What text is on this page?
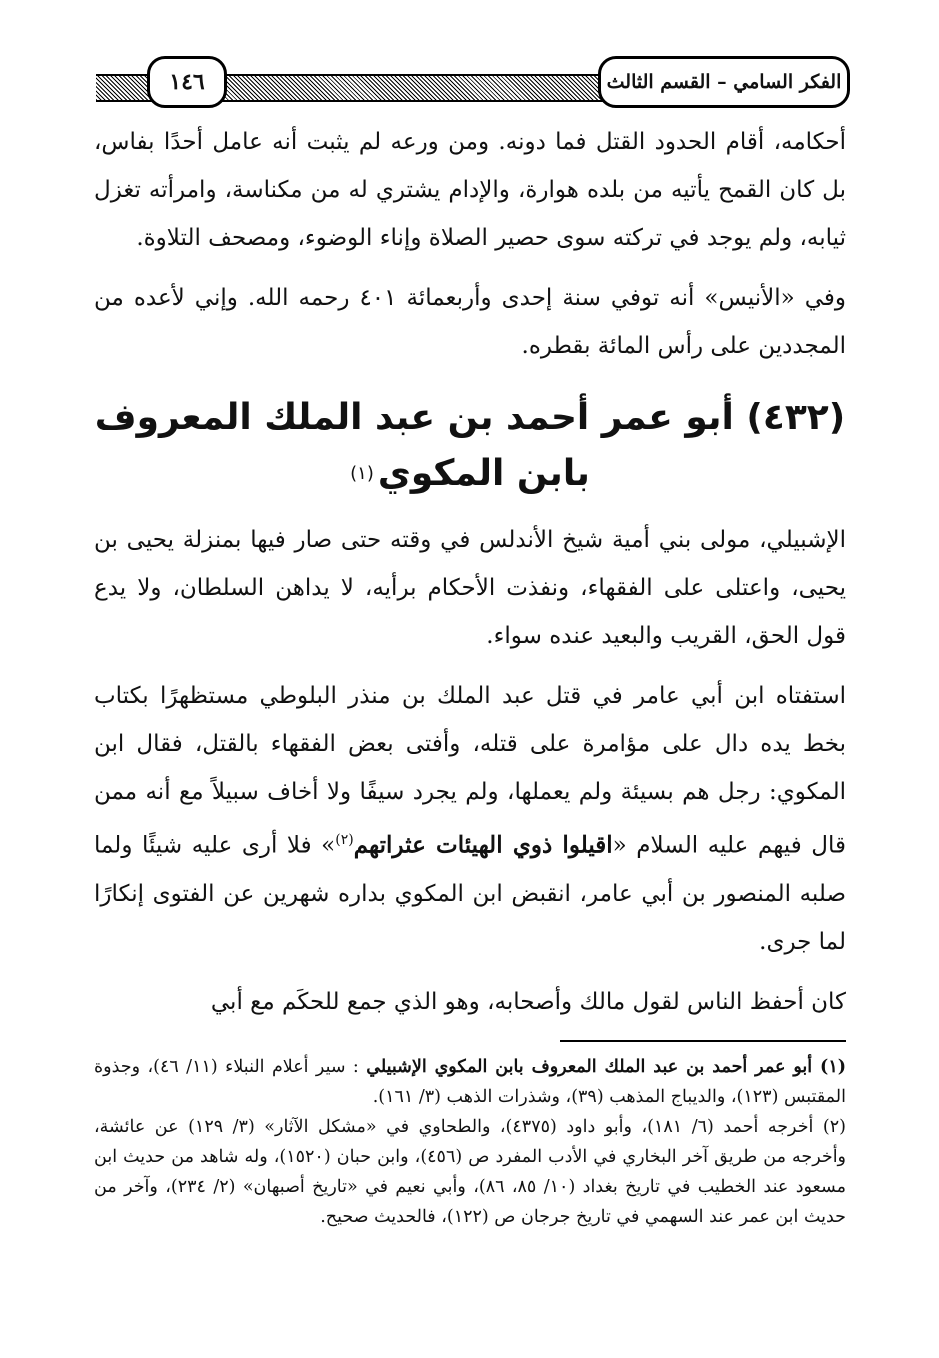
الفكر السامي – القسم الثالث
١٤٦

أحكامه، أقام الحدود القتل فما دونه. ومن ورعه لم يثبت أنه عامل أحدًا بفاس، بل كان القمح يأتيه من بلده هوارة، والإدام يشتري له من مكناسة، وامرأته تغزل ثيابه، ولم يوجد في تركته سوى حصير الصلاة وإناء الوضوء، ومصحف التلاوة.

وفي «الأنيس» أنه توفي سنة إحدى وأربعمائة ٤٠١ رحمه الله. وإني لأعده من المجددين على رأس المائة بقطره.

(٤٣٢) أبو عمر أحمد بن عبد الملك المعروف بابن المكوي$^{(١)}$

الإشبيلي، مولى بني أمية شيخ الأندلس في وقته حتى صار فيها بمنزلة يحيى بن يحيى، واعتلى على الفقهاء، ونفذت الأحكام برأيه، لا يداهن السلطان، ولا يدع قول الحق، القريب والبعيد عنده سواء.

استفتاه ابن أبي عامر في قتل عبد الملك بن منذر البلوطي مستظهرًا بكتاب بخط يده دال على مؤامرة على قتله، وأفتى بعض الفقهاء بالقتل، فقال ابن المكوي: رجل هم بسيئة ولم يعملها، ولم يجرد سيفًا ولا أخاف سبيلاً مع أنه ممن قال فيهم عليه السلام «اقيلوا ذوي الهيئات عثراتهم$^{(٢)}$» فلا أرى عليه شيئًا ولما صلبه المنصور بن أبي عامر، انقبض ابن المكوي بداره شهرين عن الفتوى إنكارًا لما جرى.

كان أحفظ الناس لقول مالك وأصحابه، وهو الذي جمع للحكَم مع أبي

(١) أبو عمر أحمد بن عبد الملك المعروف بابن المكوي الإشبيلي : سير أعلام النبلاء (١١/ ٤٦)، وجذوة المقتبس (١٢٣)، والديباج المذهب (٣٩)، وشذرات الذهب (٣/ ١٦١).

(٢) أخرجه أحمد (٦/ ١٨١)، وأبو داود (٤٣٧٥)، والطحاوي في «مشكل الآثار» (٣/ ١٢٩) عن عائشة، وأخرجه من طريق آخر البخاري في الأدب المفرد ص (٤٥٦)، وابن حبان (١٥٢٠)، وله شاهد من حديث ابن مسعود عند الخطيب في تاريخ بغداد (١٠/ ٨٥، ٨٦)، وأبي نعيم في «تاريخ أصبهان» (٢/ ٢٣٤)، وآخر من حديث ابن عمر عند السهمي في تاريخ جرجان ص (١٢٢)، فالحديث صحيح.
